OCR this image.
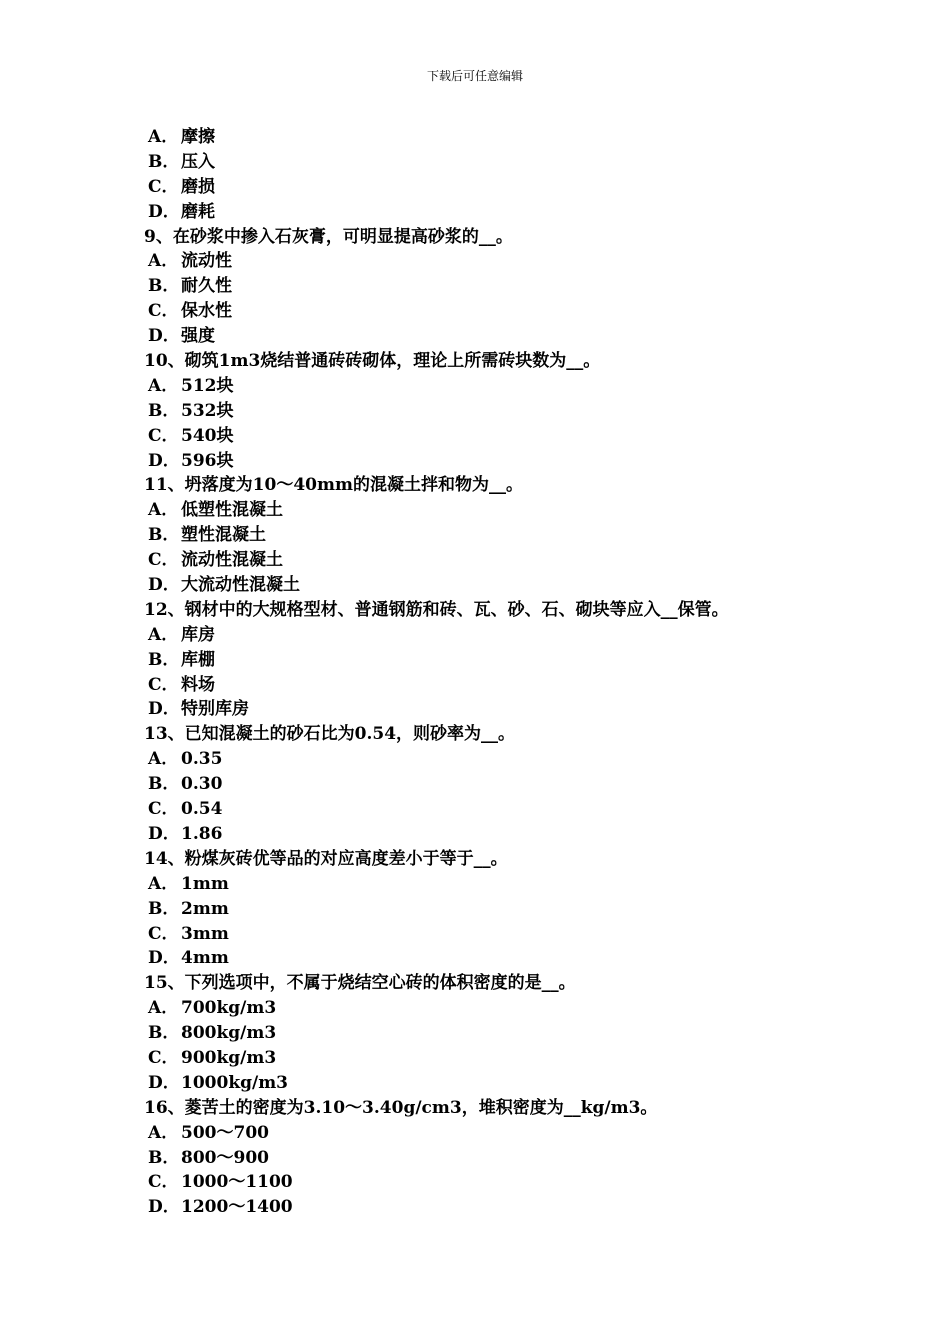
下载后可任意编辑
A． 摩擦
B．压入
C． 磨损
D．磨耗
9、在砂浆中掺入石灰膏，可明显提高砂浆的__。
A． 流动性
B．耐久性
C． 保水性
D．强度
10、砌筑1m3烧结普通砖砖砌体，理论上所需砖块数为__。
A． 512块
B．532块
C． 540块
D．596块
11、坍落度为10～40mm的混凝土拌和物为__。
A． 低塑性混凝土
B．塑性混凝土
C． 流动性混凝土
D．大流动性混凝土
12、钢材中的大规格型材、普通钢筋和砖、瓦、砂、石、砌块等应入__保管。
A． 库房
B．库棚
C． 料场
D．特别库房
13、已知混凝土的砂石比为0.54，则砂率为__。
A． 0.35
B．0.30
C． 0.54
D．1.86
14、粉煤灰砖优等品的对应高度差小于等于__。
A． 1mm
B．2mm
C． 3mm
D．4mm
15、下列选项中，不属于烧结空心砖的体积密度的是__。
A． 700kg/m3
B．800kg/m3
C． 900kg/m3
D．1000kg/m3
16、菱苦土的密度为3.10～3.40g/cm3，堆积密度为__kg/m3。
A． 500～700
B．800～900
C． 1000～1100
D．1200～1400
